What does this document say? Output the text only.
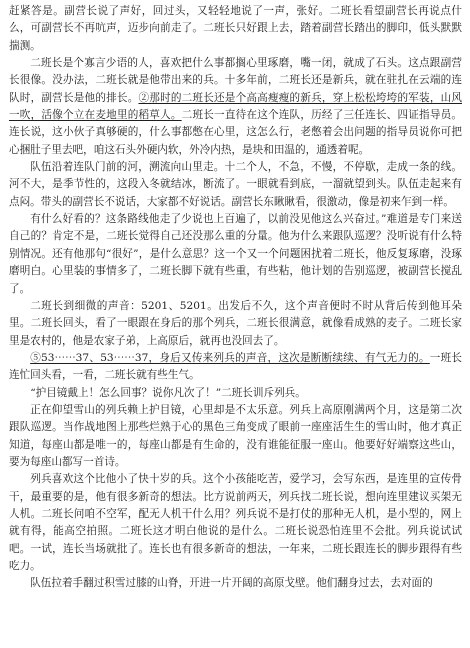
赶紧答是。副营长说了声好，回过头，又轻轻地说了一声，张好。二班长看望副营长再说点什么，可副营长不再吭声，迈步向前走了。二班长只好跟上去，踏着副营长踏出的脚印，低头默默揣测。

二班长是个寡言少语的人，喜欢把什么事都搁心里琢磨，嘴一闭，就成了石头。这点跟副营长很像。没办法，二班长就是他带出来的兵。十多年前，二班长还是新兵，就在驻扎在云端的连队时，副营长是他的排长。②那时的二班长还是个高高瘦瘦的新兵，穿上松松垮垮的军装，山风一吹，活像个立在麦地里的稻草人。二班长一直待在这个连队，历经了三任连长、四证指导员。连长说，这小伙子真够硬的，什么事都憋在心里，这怎么行，老憋着会出问题的指导员说你可把心捆肚子里去吧，咱这石头外硬内软，外冷内热，是块和田温的，通透着呢。

队伍沿着连队门前的河，溯流向山里走。十二个人，不急，不慢，不停歇，走成一条的线。河不大，是季节性的，这段入冬就结冰，断流了。一眼就看到底，一溜就望到头。队伍走起来有点闷。带头的副营长不说话，大家都不好说话。副营长东瞅瞅看，很激动，像是初来乍到一样。

有什么好看的？这条路线他走了少说也上百遍了，以前没见他这么兴奋过。”难道是专门来送自己的？肯定不是，二班长觉得自己还没那么重的分量。他为什么来跟队巡逻？没听说有什么特别情况。还有他那句“很好”，是什么意思？这一个又一个问题困扰着二班长，他反复琢磨，没琢磨明白。心里装的事情多了，二班长脚下就有些重，有些粘，他计划的告别巡逻，被副营长搅乱了。

二班长到细微的声音：5201、5201。出发后不久，这个声音便时不时从背后传到他耳朵里。二班长回头，看了一眼跟在身后的那个列兵，二班长很满意，就像看成熟的麦子。二班长家里是农村的，他是农家子弟，上高原后，就再也没回去了。

⑤53⋯⋯37、53⋯⋯37，身后又传来列兵的声音，这次是断断续续、有气无力的。一班长连忙回头看，一看，二班长就有些生气。

“护目镜戴上！怎么回事？说你凡次了！”二班长训斥列兵。

正在仰望雪山的列兵赖上护目镜，心里却是不太乐意。列兵上高原刚满两个月，这是第二次跟队巡逻。当作战地图上那些烂熟于心的黑色三角变成了眼前一座座活生生的雪山时，他才真正知道，每座山都是唯一的，每座山都是有生命的，没有谁能征服一座山。他要好好端察这些山，要为每座山都写一首诗。

列兵喜欢这个比他小了快十岁的兵。这个小孩能吃苦，爱学习，会写东西，是连里的宣传骨干，最重要的是，他有很多新奇的想法。比方说前两天，列兵找二班长说，想向连里建议买架无人机。二班长问咱不空军，配无人机干什么用？列兵说不是打仗的那种无人机，是小型的，网上就有得，能高空拍照。二班长这才明白他说的是什么。二班长说恐怕连里不会批。列兵说试试吧。一试，连长当场就批了。连长也有很多新奇的想法，一年来，二班长跟连长的脚步跟得有些吃力。

队伍拉着手翻过积雪过膝的山脊，开进一片开阔的高原戈壁。他们翻身过去，去对面的
